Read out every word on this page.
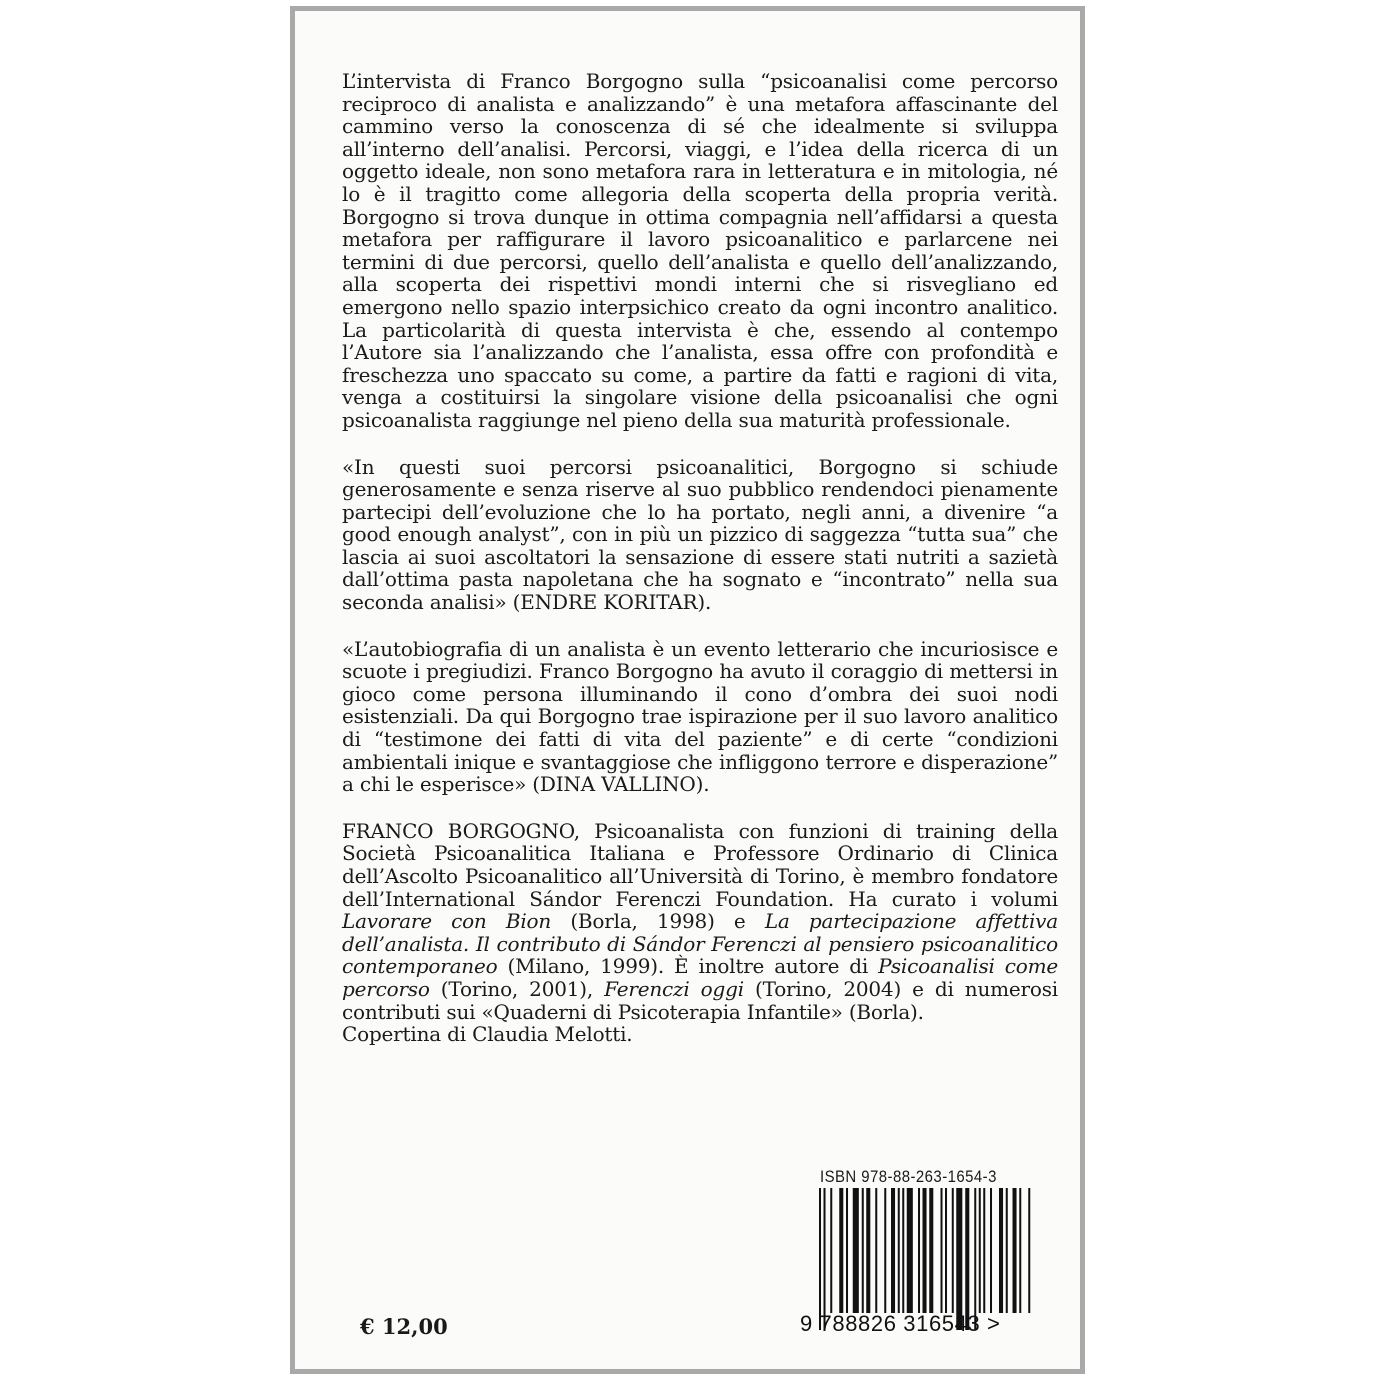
L’intervista di Franco Borgogno sulla “psicoanalisi come percorso reciproco di analista e analizzando” è una metafora affascinante del cammino verso la conoscenza di sé che idealmente si sviluppa all’interno dell’analisi. Percorsi, viaggi, e l’idea della ricerca di un oggetto ideale, non sono metafora rara in letteratura e in mitologia, né lo è il tragitto come allegoria della scoperta della propria verità. Borgogno si trova dunque in ottima compagnia nell’affidarsi a questa metafora per raffigurare il lavoro psicoanalitico e parlarcene nei termini di due percorsi, quello dell’analista e quello dell’analizzando, alla scoperta dei rispettivi mondi interni che si risvegliano ed emergono nello spazio interpsichico creato da ogni incontro analitico. La particolarità di questa intervista è che, essendo al contempo l’Autore sia l’analizzando che l’analista, essa offre con profondità e freschezza uno spaccato su come, a partire da fatti e ragioni di vita, venga a costituirsi la singolare visione della psicoanalisi che ogni psicoanalista raggiunge nel pieno della sua maturità professionale.

«In questi suoi percorsi psicoanalitici, Borgogno si schiude generosamente e senza riserve al suo pubblico rendendoci pienamente partecipi dell’evoluzione che lo ha portato, negli anni, a divenire “a good enough analyst”, con in più un pizzico di saggezza “tutta sua” che lascia ai suoi ascoltatori la sensazione di essere stati nutriti a sazietà dall’ottima pasta napoletana che ha sognato e “incontrato” nella sua seconda analisi» (ENDRE KORITAR).

«L’autobiografia di un analista è un evento letterario che incuriosisce e scuote i pregiudizi. Franco Borgogno ha avuto il coraggio di mettersi in gioco come persona illuminando il cono d’ombra dei suoi nodi esistenziali. Da qui Borgogno trae ispirazione per il suo lavoro analitico di “testimone dei fatti di vita del paziente” e di certe “condizioni ambientali inique e svantaggiose che infliggono terrore e disperazione” a chi le esperisce» (DINA VALLINO).

FRANCO BORGOGNO, Psicoanalista con funzioni di training della Società Psicoanalitica Italiana e Professore Ordinario di Clinica dell’Ascolto Psicoanalitico all’Università di Torino, è membro fondatore dell’International Sándor Ferenczi Foundation. Ha curato i volumi Lavorare con Bion (Borla, 1998) e La partecipazione affettiva dell’analista. Il contributo di Sándor Ferenczi al pensiero psicoanalitico contemporaneo (Milano, 1999). È inoltre autore di Psicoanalisi come percorso (Torino, 2001), Ferenczi oggi (Torino, 2004) e di numerosi contributi sui «Quaderni di Psicoterapia Infantile» (Borla).

Copertina di Claudia Melotti.

ISBN 978-88-263-1654-3
9 788826 316543 >
€ 12,00
